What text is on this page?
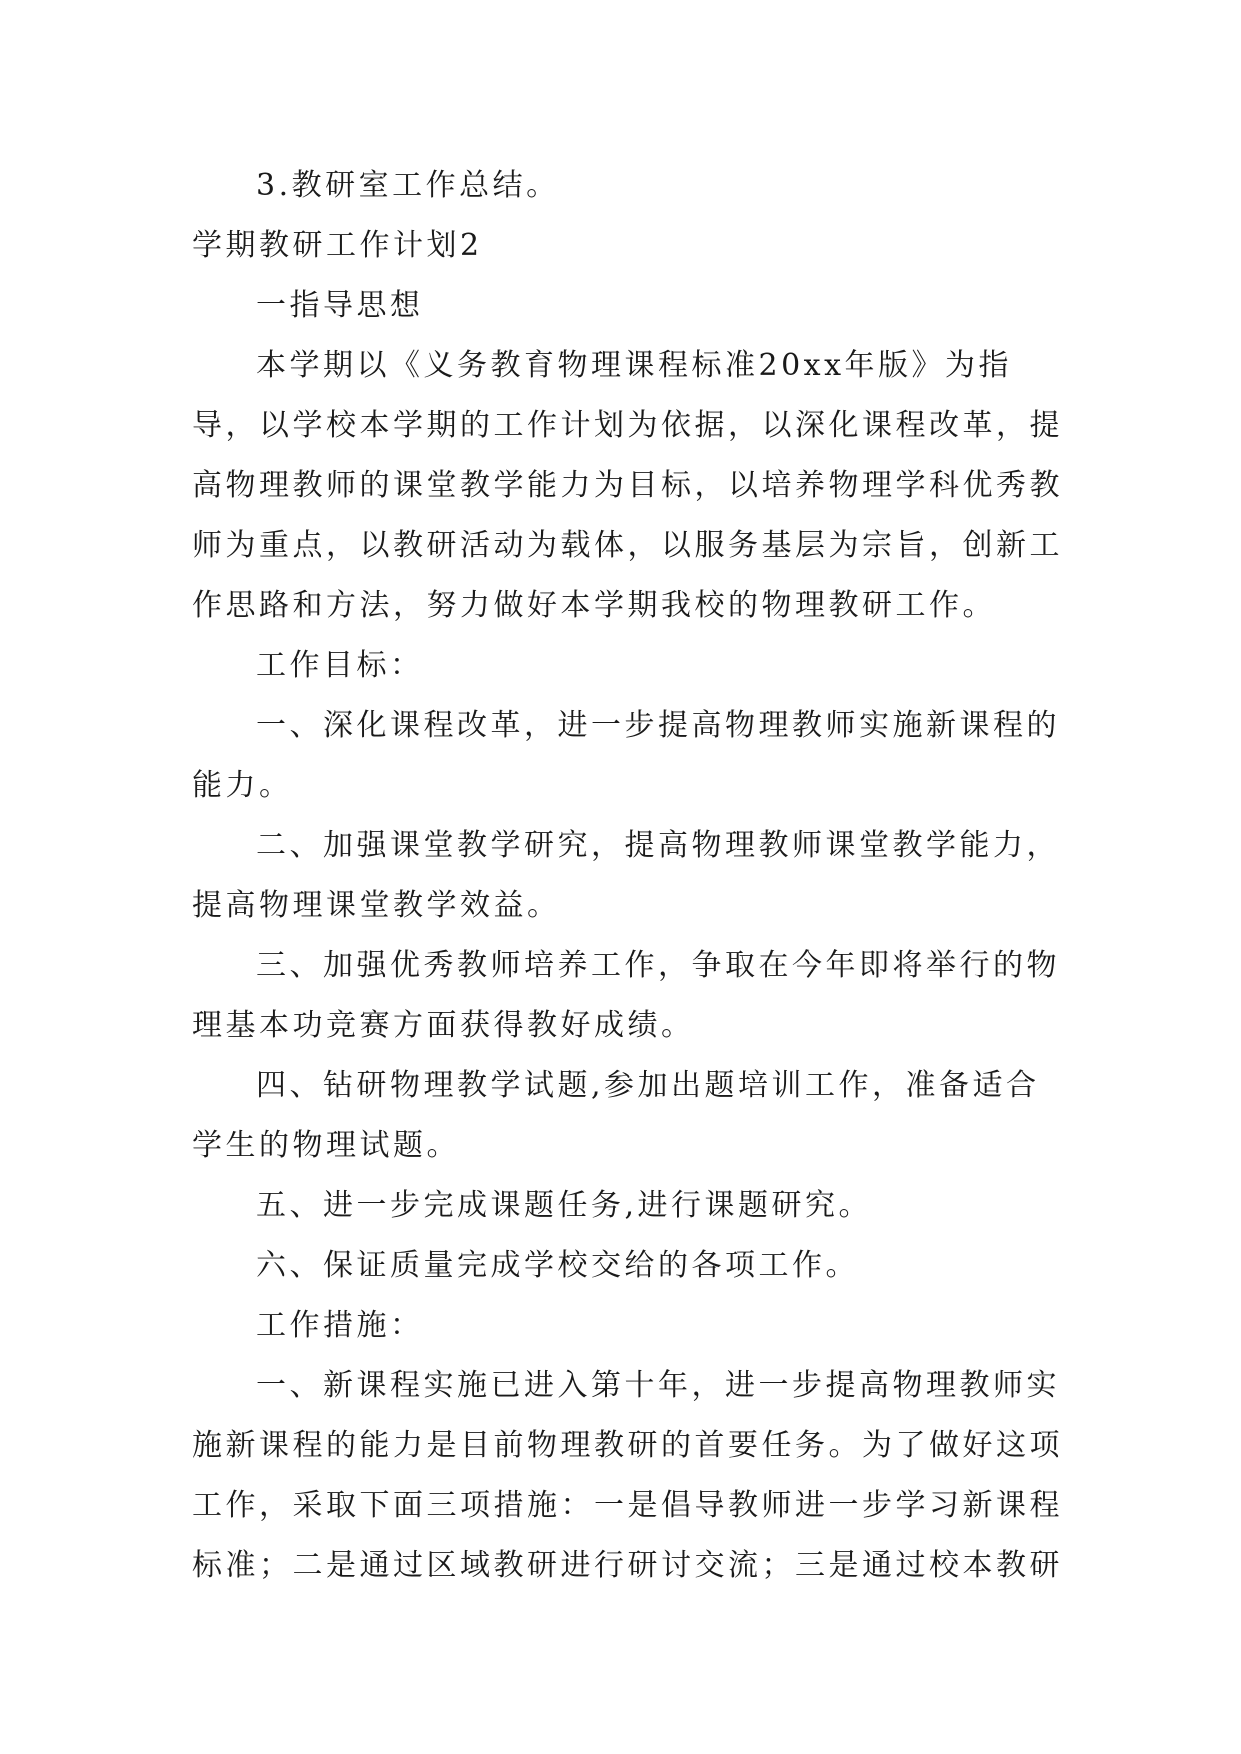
3.教研室工作总结。

学期教研工作计划2

一指导思想

本学期以《义务教育物理课程标准20xx年版》为指导，以学校本学期的工作计划为依据，以深化课程改革，提高物理教师的课堂教学能力为目标，以培养物理学科优秀教师为重点，以教研活动为载体，以服务基层为宗旨，创新工作思路和方法，努力做好本学期我校的物理教研工作。

工作目标：

一、深化课程改革，进一步提高物理教师实施新课程的能力。

二、加强课堂教学研究，提高物理教师课堂教学能力，提高物理课堂教学效益。

三、加强优秀教师培养工作，争取在今年即将举行的物理基本功竞赛方面获得教好成绩。

四、钻研物理教学试题,参加出题培训工作，准备适合学生的物理试题。

五、进一步完成课题任务,进行课题研究。

六、保证质量完成学校交给的各项工作。

工作措施：

一、新课程实施已进入第十年，进一步提高物理教师实施新课程的能力是目前物理教研的首要任务。为了做好这项工作，采取下面三项措施：一是倡导教师进一步学习新课程标准；二是通过区域教研进行研讨交流；三是通过校本教研
